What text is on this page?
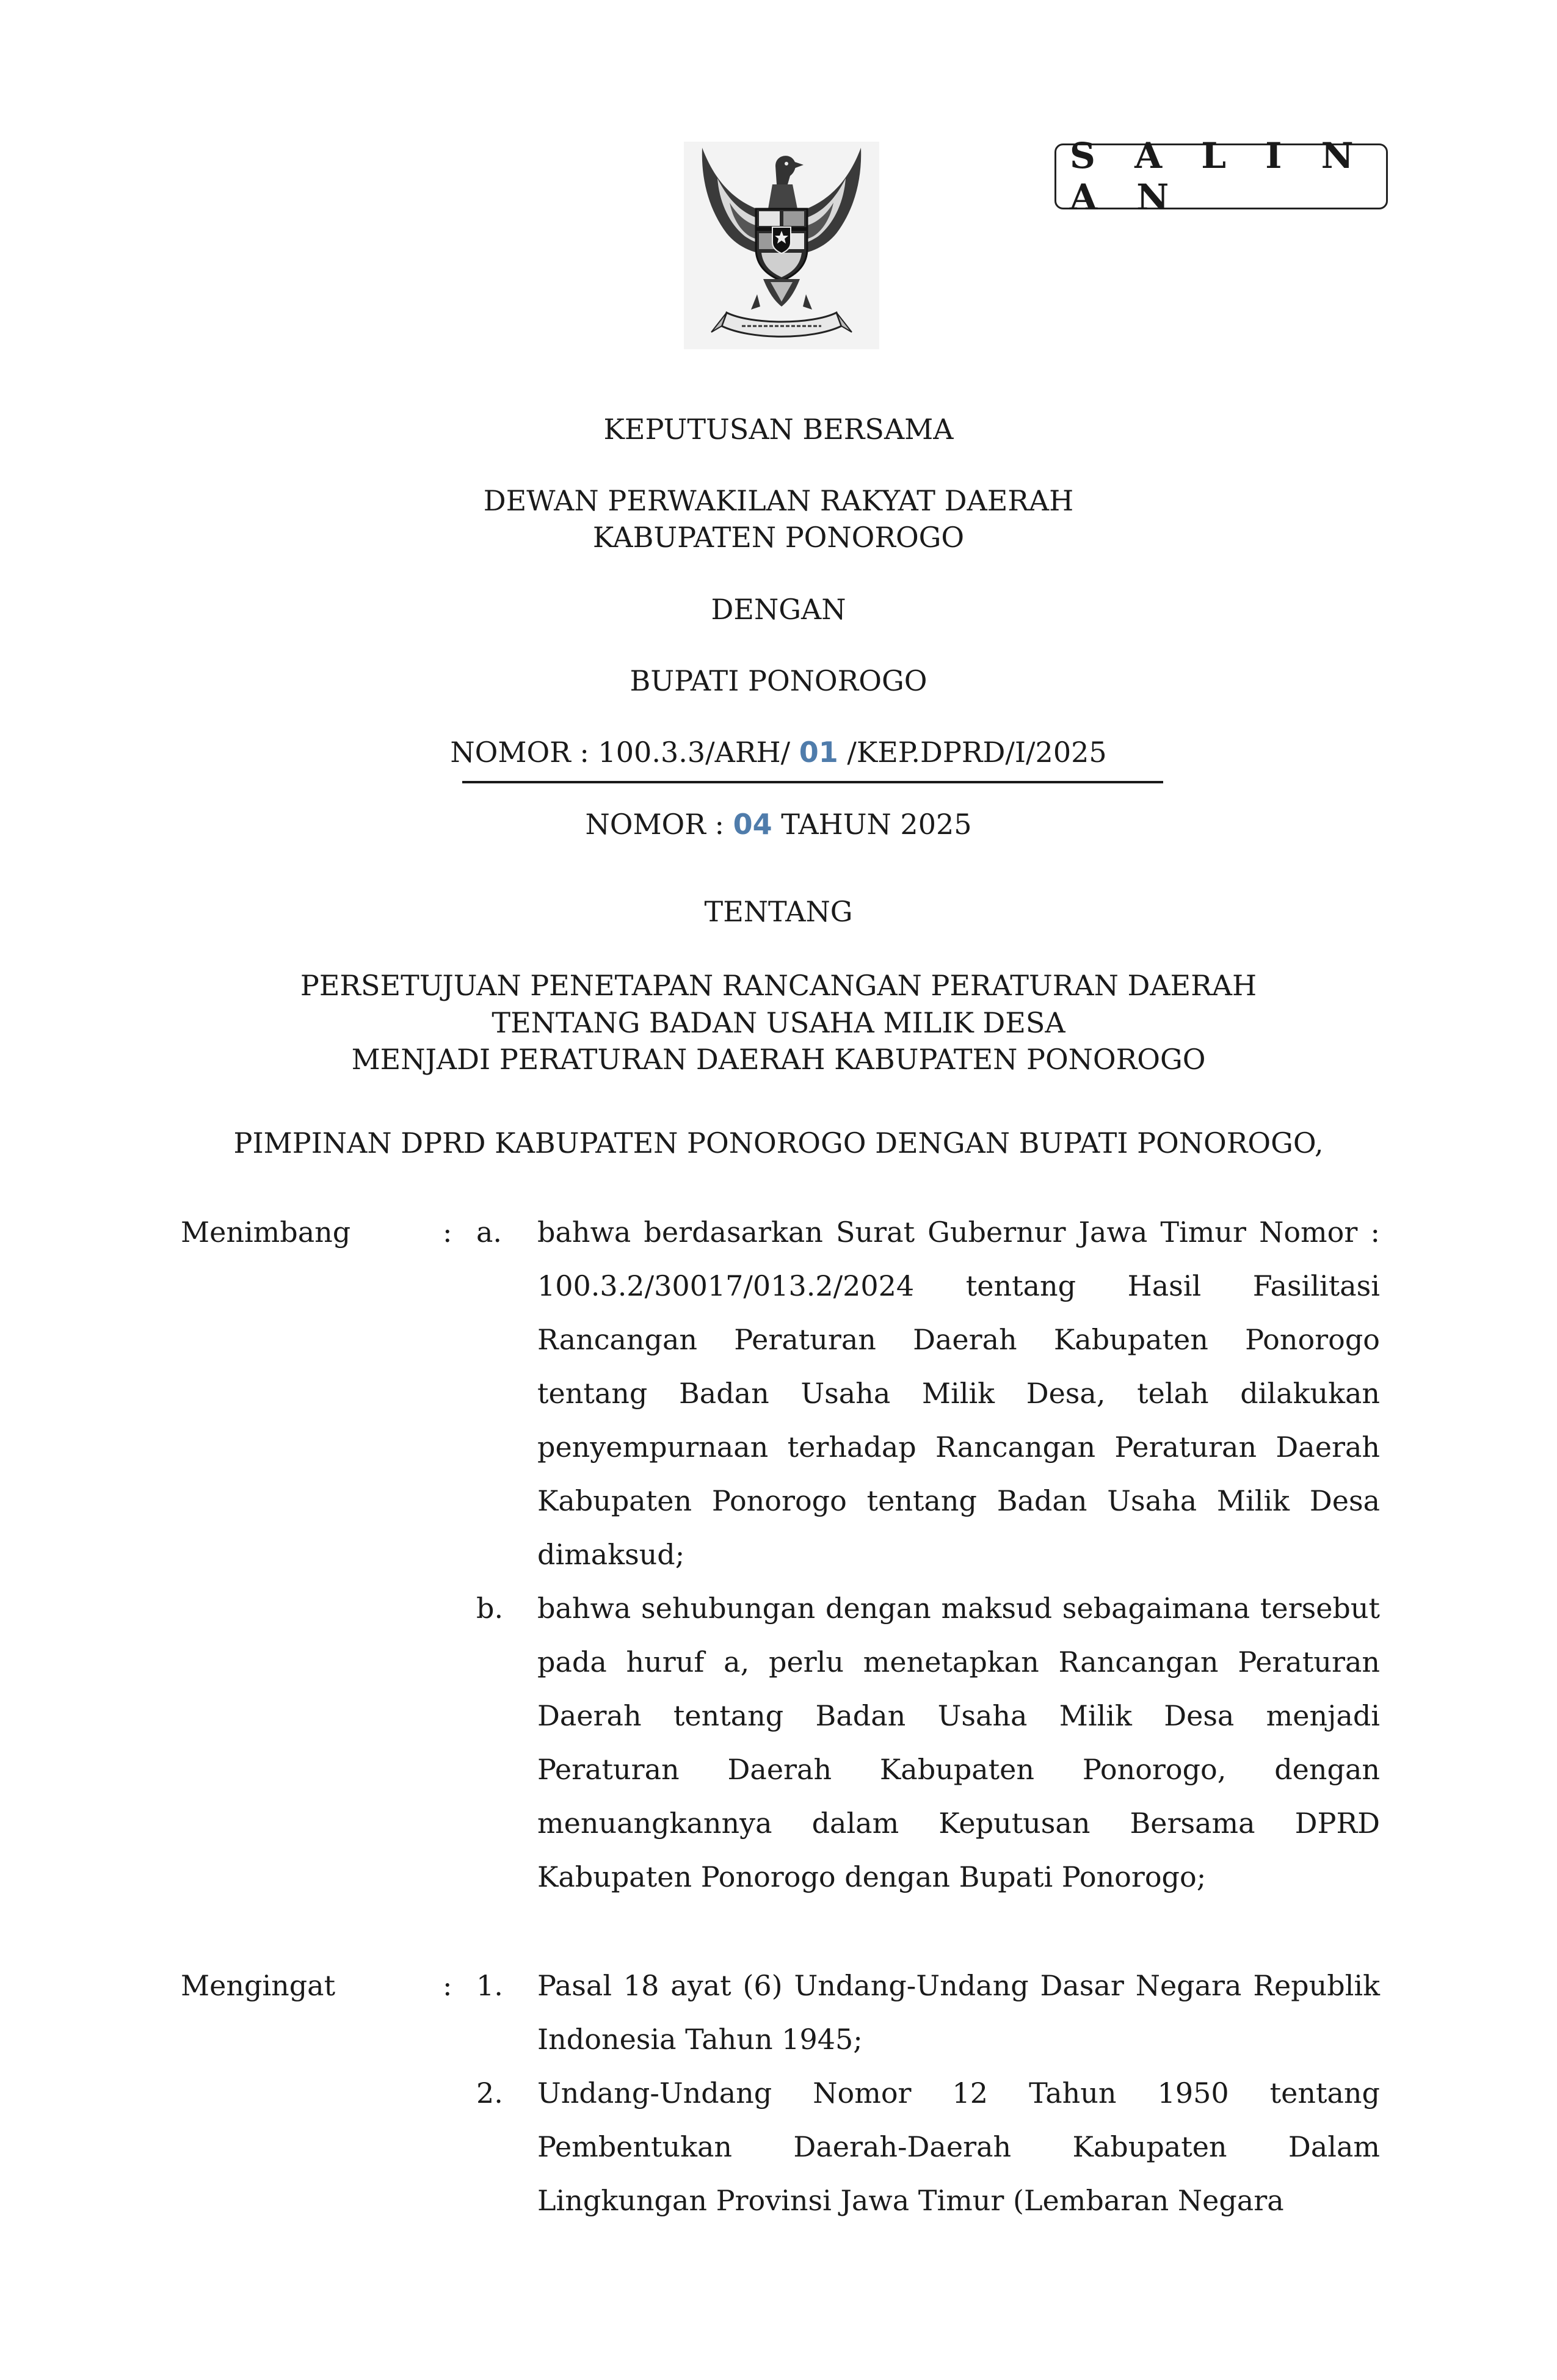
S A L I N A N
KEPUTUSAN BERSAMA
DEWAN PERWAKILAN RAKYAT DAERAH
KABUPATEN PONOROGO
DENGAN
BUPATI PONOROGO
NOMOR : 100.3.3/ARH/ 01 /KEP.DPRD/I/2025
NOMOR : 04 TAHUN 2025
TENTANG
PERSETUJUAN PENETAPAN RANCANGAN PERATURAN DAERAH
TENTANG BADAN USAHA MILIK DESA
MENJADI PERATURAN DAERAH KABUPATEN PONOROGO
PIMPINAN DPRD KABUPATEN PONOROGO DENGAN BUPATI PONOROGO,
Menimbang	: a. bahwa berdasarkan Surat Gubernur Jawa Timur Nomor : 100.3.2/30017/013.2/2024 tentang Hasil Fasilitasi Rancangan Peraturan Daerah Kabupaten Ponorogo tentang Badan Usaha Milik Desa, telah dilakukan penyempurnaan terhadap Rancangan Peraturan Daerah Kabupaten Ponorogo tentang Badan Usaha Milik Desa dimaksud;

b. bahwa sehubungan dengan maksud sebagaimana tersebut pada huruf a, perlu menetapkan Rancangan Peraturan Daerah tentang Badan Usaha Milik Desa menjadi Peraturan Daerah Kabupaten Ponorogo, dengan menuangkannya dalam Keputusan Bersama DPRD Kabupaten Ponorogo dengan Bupati Ponorogo;

Mengingat	: 1. Pasal 18 ayat (6) Undang-Undang Dasar Negara Republik Indonesia Tahun 1945;

2. Undang-Undang Nomor 12 Tahun 1950 tentang Pembentukan Daerah-Daerah Kabupaten Dalam Lingkungan Provinsi Jawa Timur (Lembaran Negara
